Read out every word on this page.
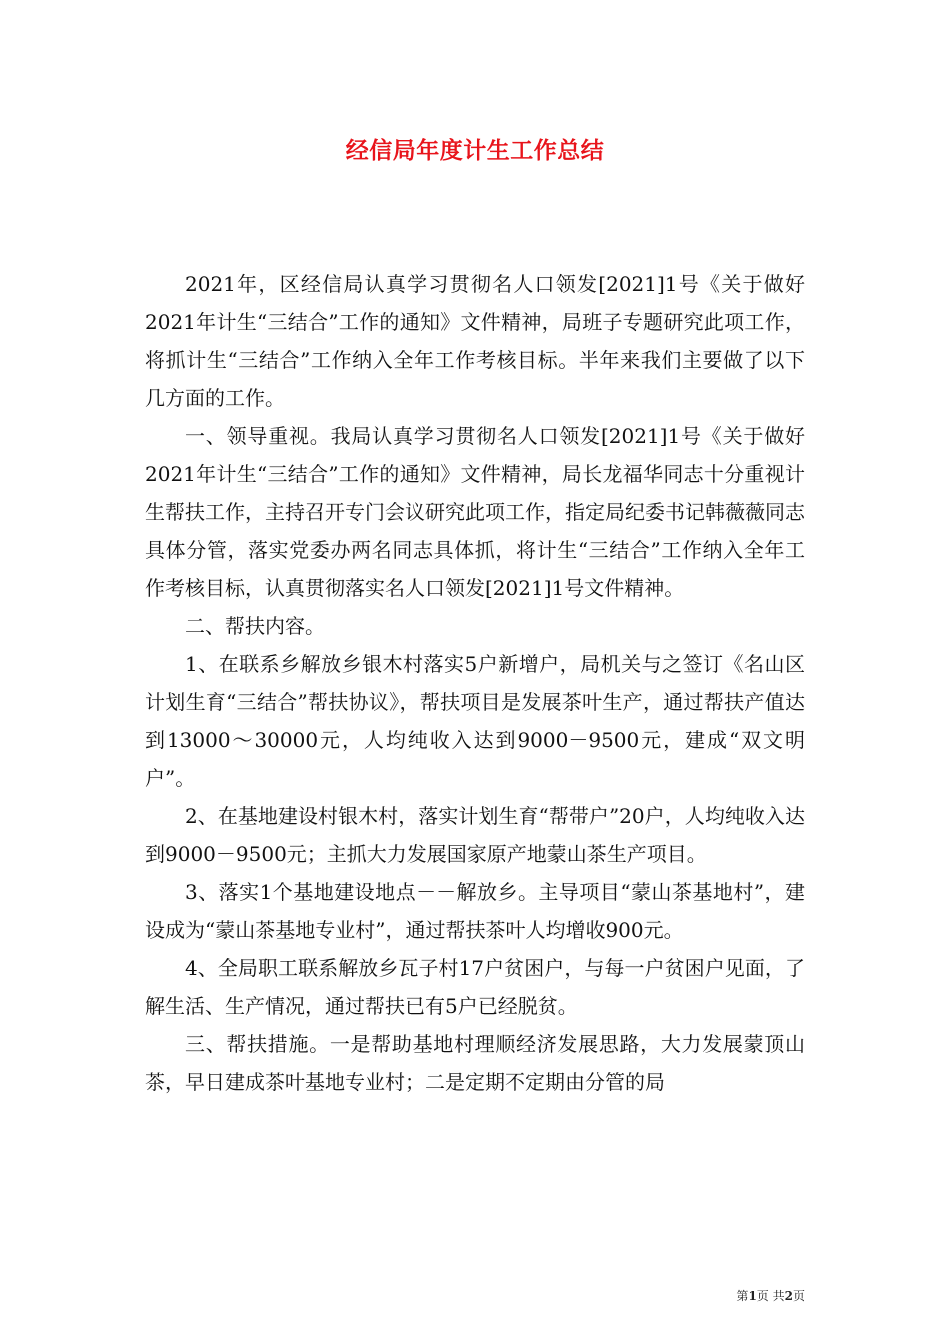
经信局年度计生工作总结

2021年，区经信局认真学习贯彻名人口领发[2021]1号《关于做好2021年计生“三结合”工作的通知》文件精神，局班子专题研究此项工作，将抓计生“三结合”工作纳入全年工作考核目标。半年来我们主要做了以下几方面的工作。

一、领导重视。我局认真学习贯彻名人口领发[2021]1号《关于做好2021年计生“三结合”工作的通知》文件精神，局长龙福华同志十分重视计生帮扶工作，主持召开专门会议研究此项工作，指定局纪委书记韩薇薇同志具体分管，落实党委办两名同志具体抓，将计生“三结合”工作纳入全年工作考核目标，认真贯彻落实名人口领发[2021]1号文件精神。

二、帮扶内容。

1、在联系乡解放乡银木村落实5户新增户，局机关与之签订《名山区计划生育“三结合”帮扶协议》，帮扶项目是发展茶叶生产，通过帮扶产值达到13000～30000元，人均纯收入达到9000－9500元，建成“双文明户”。

2、在基地建设村银木村，落实计划生育“帮带户”20户，人均纯收入达到9000－9500元；主抓大力发展国家原产地蒙山茶生产项目。

3、落实1个基地建设地点－－解放乡。主导项目“蒙山茶基地村”，建设成为“蒙山茶基地专业村”，通过帮扶茶叶人均增收900元。

4、全局职工联系解放乡瓦子村17户贫困户，与每一户贫困户见面，了解生活、生产情况，通过帮扶已有5户已经脱贫。

三、帮扶措施。一是帮助基地村理顺经济发展思路，大力发展蒙顶山茶，早日建成茶叶基地专业村；二是定期不定期由分管的局

第1页 共2页
